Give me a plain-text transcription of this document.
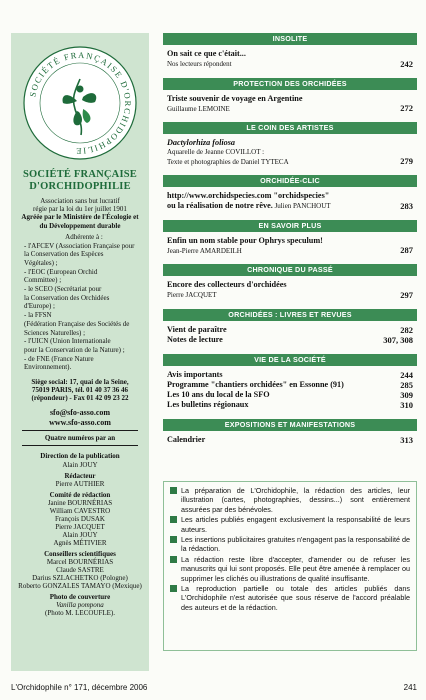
SOCIÉTÉ FRANÇAISE D'ORCHIDOPHILIE
SOCIÉTÉ FRANÇAISE
D'ORCHIDOPHILIE
Association sans but lucratif
régie par la loi du 1er juillet 1901
Agréée par le Ministère de l'Écologie et
du Développement durable
Adhérente à :
- l'AFCEV (Association Française pour
la Conservation des Espèces
Végétales) ;
- l'EOC (European Orchid
Committee) ;
- le SCEO (Secrétariat pour
la Conservation des Orchidées
d'Europe) ;
- la FFSN
(Fédération Française des Sociétés de
Sciences Naturelles) ;
- l'UICN (Union Internationale
pour la Conservation de la Nature) ;
- de FNE (France Nature
Environnement).
Siège social: 17, quai de la Seine,
75019 PARIS, tél. 01 40 37 36 46
(répondeur) - Fax 01 42 09 23 22
sfo@sfo-asso.com
www.sfo-asso.com
Quatre numéros par an
Direction de la publication
Alain JOUY
Rédacteur
Pierre AUTHIER
Comité de rédaction
Janine BOURNÉRIAS
William CAVESTRO
François DUSAK
Pierre JACQUET
Alain JOUY
Agnès MÉTIVIER
Conseillers scientifiques
Marcel BOURNÉRIAS
Claude SASTRE
Darius SZLACHETKO (Pologne)
Roberto GONZALES TAMAYO (Mexique)
Photo de couverture
Vanilla pompona
(Photo M. LECOUFLE).
INSOLITE
On sait ce que c'était...
Nos lecteurs répondent	242
PROTECTION DES ORCHIDÉES
Triste souvenir de voyage en Argentine
Guillaume LEMOINE	272
LE COIN DES ARTISTES
Dactylorhiza foliosa
Aquarelle de Jeanne COVILLOT :
Texte et photographies de Daniel TYTECA	279
ORCHIDÉE-CLIC
http://www.orchidspecies.com "orchidspecies"
ou la réalisation de notre rêve. Julien PANCHOUT	283
EN SAVOIR PLUS
Enfin un nom stable pour Ophrys speculum!
Jean-Pierre AMARDEILH	287
CHRONIQUE DU PASSÉ
Encore des collecteurs d'orchidées
Pierre JACQUET	297
ORCHIDÉES : LIVRES ET REVUES
Vient de paraître	282
Notes de lecture	307, 308
VIE DE LA SOCIÉTÉ
Avis importants	244
Programme "chantiers orchidées" en Essonne (91)	285
Les 10 ans du local de la SFO	309
Les bulletins régionaux	310
EXPOSITIONS ET MANIFESTATIONS
Calendrier	313
La préparation de L'Orchidophile, la rédaction des articles, leur illustration (cartes, photographies, dessins...) sont entièrement assurées par des bénévoles.
Les articles publiés engagent exclusivement la responsabilité de leurs auteurs.
Les insertions publicitaires gratuites n'engagent pas la responsabilité de la rédaction.
La rédaction reste libre d'accepter, d'amender ou de refuser les manuscrits qui lui sont proposés. Elle peut être amenée à remplacer ou supprimer les clichés ou illustrations de qualité insuffisante.
La reproduction partielle ou totale des articles publiés dans L'Orchidophile n'est autorisée que sous réserve de l'accord préalable des auteurs et de la rédaction.
L'Orchidophile n° 171, décembre 2006	241
